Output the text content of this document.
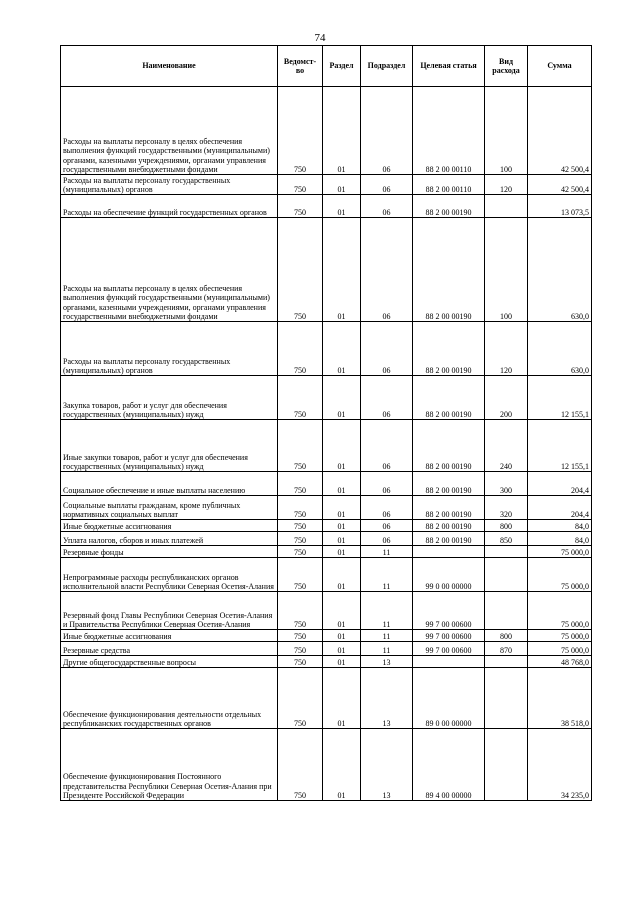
74
Наименование	Ведомст-во	Раздел	Подраздел	Целевая статья	Вид расхода	Сумма
Расходы на выплаты персоналу в целях обеспечения выполнения функций государственными (муниципальными) органами, казенными учреждениями, органами управления государственными внебюджетными фондами	750	01	06	88 2 00 00110	100	42 500,4
Расходы на выплаты персоналу государственных (муниципальных) органов	750	01	06	88 2 00 00110	120	42 500,4
Расходы на обеспечение функций государственных органов	750	01	06	88 2 00 00190		13 073,5
Расходы на выплаты персоналу в целях обеспечения выполнения функций государственными (муниципальными) органами, казенными учреждениями, органами управления государственными внебюджетными фондами	750	01	06	88 2 00 00190	100	630,0
Расходы на выплаты персоналу государственных (муниципальных) органов	750	01	06	88 2 00 00190	120	630,0
Закупка товаров, работ и услуг для обеспечения государственных (муниципальных) нужд	750	01	06	88 2 00 00190	200	12 155,1
Иные закупки товаров, работ и услуг для обеспечения государственных (муниципальных) нужд	750	01	06	88 2 00 00190	240	12 155,1
Социальное обеспечение и иные выплаты населению	750	01	06	88 2 00 00190	300	204,4
Социальные выплаты гражданам, кроме публичных нормативных социальных выплат	750	01	06	88 2 00 00190	320	204,4
Иные бюджетные ассигнования	750	01	06	88 2 00 00190	800	84,0
Уплата налогов, сборов и иных платежей	750	01	06	88 2 00 00190	850	84,0
Резервные фонды	750	01	11			75 000,0
Непрограммные расходы республиканских органов исполнительной власти Республики Северная Осетия-Алания	750	01	11	99 0 00 00000		75 000,0
Резервный фонд Главы Республики Северная Осетия-Алания и Правительства Республики Северная Осетия-Алания	750	01	11	99 7 00 00600		75 000,0
Иные бюджетные ассигнования	750	01	11	99 7 00 00600	800	75 000,0
Резервные средства	750	01	11	99 7 00 00600	870	75 000,0
Другие общегосударственные вопросы	750	01	13			48 768,0
Обеспечение функционирования деятельности отдельных республиканских государственных органов	750	01	13	89 0 00 00000		38 518,0
Обеспечение функционирования Постоянного представительства Республики Северная Осетия-Алания при Президенте Российской Федерации	750	01	13	89 4 00 00000		34 235,0
